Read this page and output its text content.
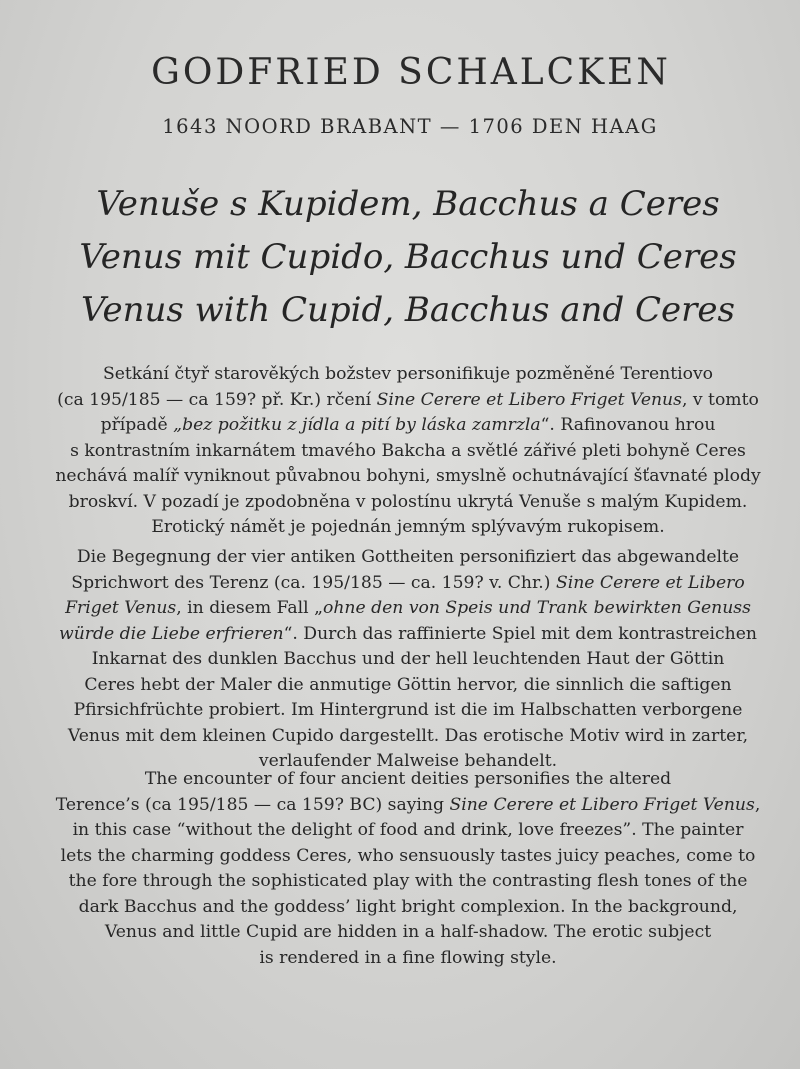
GODFRIED SCHALCKEN
1643 NOORD BRABANT — 1706 DEN HAAG
Venuše s Kupidem, Bacchus a Ceres
Venus mit Cupido, Bacchus und Ceres
Venus with Cupid, Bacchus and Ceres
Setkání čtyř starověkých božstev personifikuje pozměněné Terentiovo
(ca 195/185 — ca 159? př. Kr.) rčení Sine Cerere et Libero Friget Venus, v tomto
případě „bez požitku z jídla a pití by láska zamrzla“. Rafinovanou hrou
s kontrastním inkarnátem tmavého Bakcha a světlé zářivé pleti bohyně Ceres
nechává malíř vyniknout půvabnou bohyni, smyslně ochutnávající šťavnaté plody
broskví. V pozadí je zpodobněna v polostínu ukrytá Venuše s malým Kupidem.
Erotický námět je pojednán jemným splývavým rukopisem.
Die Begegnung der vier antiken Gottheiten personifiziert das abgewandelte
Sprichwort des Terenz (ca. 195/185 — ca. 159? v. Chr.) Sine Cerere et Libero
Friget Venus, in diesem Fall „ohne den von Speis und Trank bewirkten Genuss
würde die Liebe erfrieren“. Durch das raffinierte Spiel mit dem kontrastreichen
Inkarnat des dunklen Bacchus und der hell leuchtenden Haut der Göttin
Ceres hebt der Maler die anmutige Göttin hervor, die sinnlich die saftigen
Pfirsichfrüchte probiert. Im Hintergrund ist die im Halbschatten verborgene
Venus mit dem kleinen Cupido dargestellt. Das erotische Motiv wird in zarter,
verlaufender Malweise behandelt.
The encounter of four ancient deities personifies the altered
Terence’s (ca 195/185 — ca 159? BC) saying Sine Cerere et Libero Friget Venus,
in this case “without the delight of food and drink, love freezes”. The painter
lets the charming goddess Ceres, who sensuously tastes juicy peaches, come to
the fore through the sophisticated play with the contrasting flesh tones of the
dark Bacchus and the goddess’ light bright complexion. In the background,
Venus and little Cupid are hidden in a half-shadow. The erotic subject
is rendered in a fine flowing style.
